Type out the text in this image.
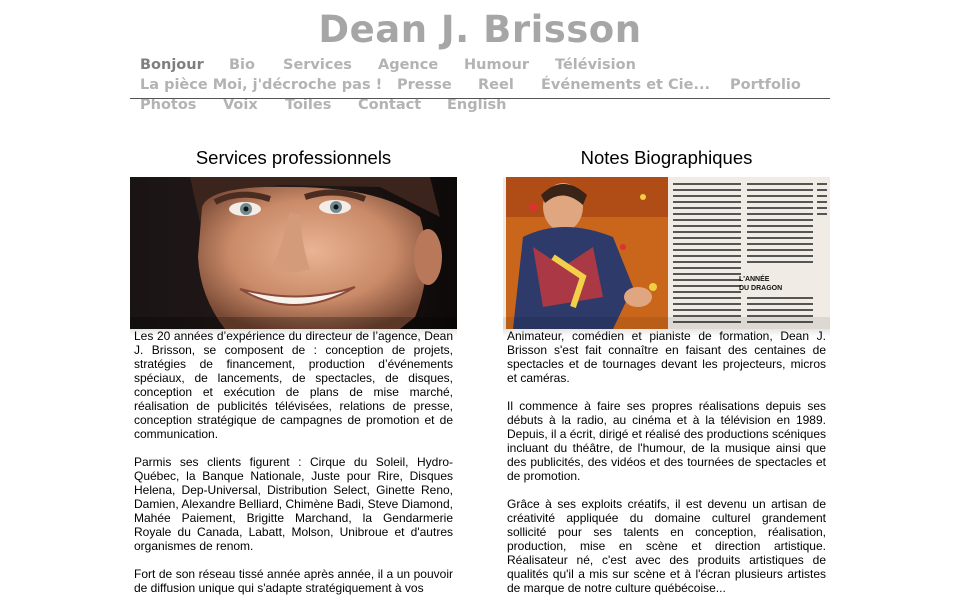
Dean J. Brisson
Bonjour Bio Services Agence Humour Télévision
La pièce Moi, j'décroche pas ! Presse Reel Événements et Cie... Portfolio
Photos Voix Toiles Contact English
Services professionnels

Les 20 années d’expérience du directeur de l’agence, Dean J. Brisson, se composent de : conception de projets, stratégies de financement, production d’événements spéciaux, de lancements, de spectacles, de disques, conception et exécution de plans de mise marché, réalisation de publicités télévisées, relations de presse, conception stratégique de campagnes de promotion et de communication.

Parmis ses clients figurent : Cirque du Soleil, Hydro-Québec, la Banque Nationale, Juste pour Rire, Disques Helena, Dep-Universal, Distribution Select, Ginette Reno, Damien, Alexandre Belliard, Chimène Badi, Steve Diamond, Mahée Paiement, Brigitte Marchand, la Gendarmerie Royale du Canada, Labatt, Molson, Unibroue et d'autres organismes de renom.

Fort de son réseau tissé année après année, il a un pouvoir de diffusion unique qui s'adapte stratégiquement à vos

Notes Biographiques
L'ANNÉE
DU DRAGON

Animateur, comédien et pianiste de formation, Dean J. Brisson s'est fait connaître en faisant des centaines de spectacles et de tournages devant les projecteurs, micros et caméras.

Il commence à faire ses propres réalisations depuis ses débuts à la radio, au cinéma et à la télévision en 1989. Depuis, il a écrit, dirigé et réalisé des productions scéniques incluant du théâtre, de l'humour, de la musique ainsi que des publicités, des vidéos et des tournées de spectacles et de promotion.

Grâce à ses exploits créatifs, il est devenu un artisan de créativité appliquée du domaine culturel grandement sollicité pour ses talents en conception, réalisation, production, mise en scène et direction artistique. Réalisateur né, c'est avec des produits artistiques de qualités qu'il a mis sur scène et à l'écran plusieurs artistes de marque de notre culture québécoise...
